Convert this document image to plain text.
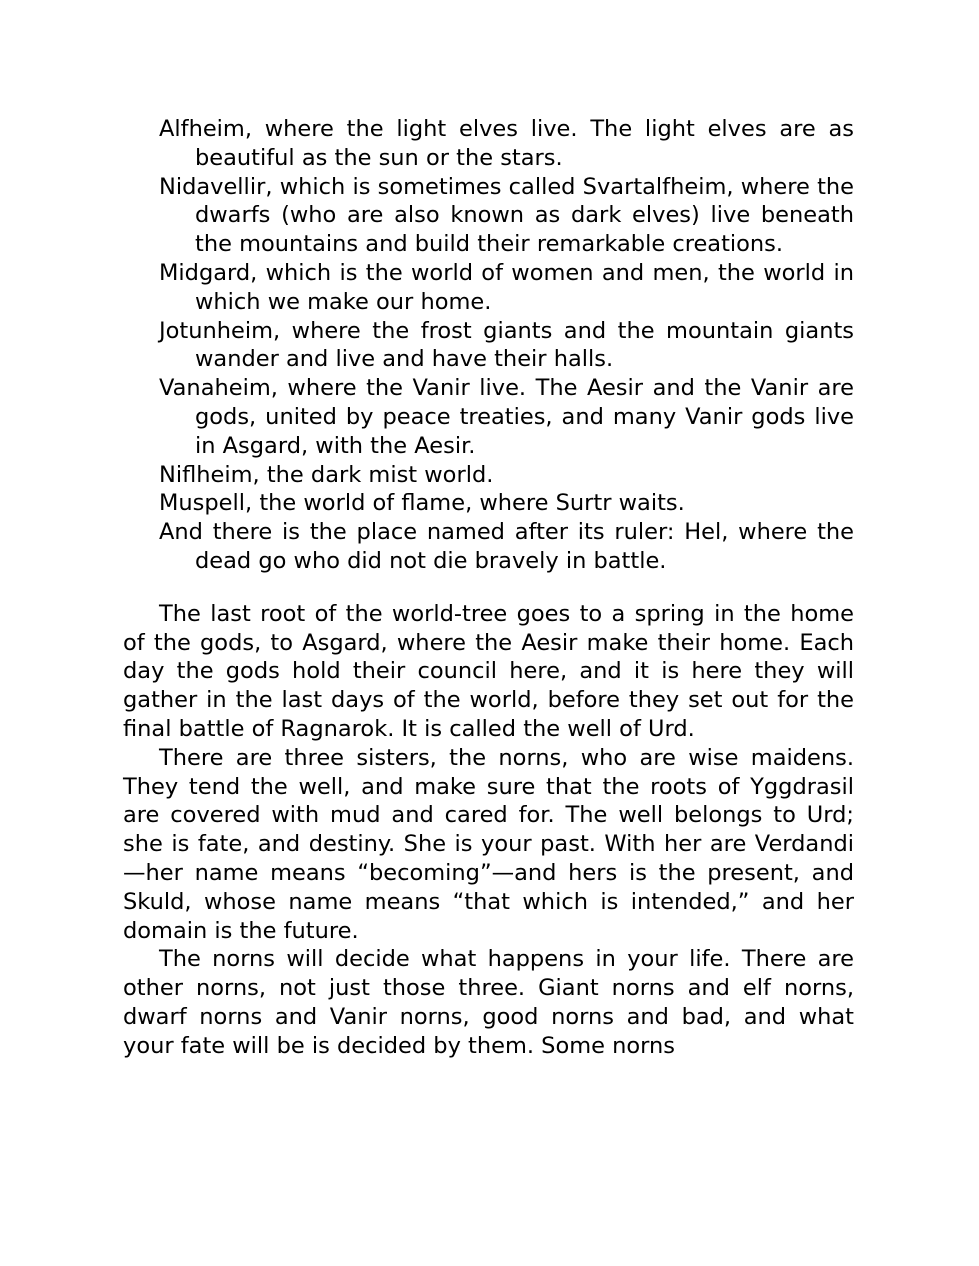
Alfheim, where the light elves live. The light elves are as beautiful as the sun or the stars.

Nidavellir, which is sometimes called Svartalfheim, where the dwarfs (who are also known as dark elves) live beneath the mountains and build their remarkable creations.

Midgard, which is the world of women and men, the world in which we make our home.

Jotunheim, where the frost giants and the mountain giants wander and live and have their halls.

Vanaheim, where the Vanir live. The Aesir and the Vanir are gods, united by peace treaties, and many Vanir gods live in Asgard, with the Aesir.

Niflheim, the dark mist world.

Muspell, the world of flame, where Surtr waits.

And there is the place named after its ruler: Hel, where the dead go who did not die bravely in battle.

The last root of the world-tree goes to a spring in the home of the gods, to Asgard, where the Aesir make their home. Each day the gods hold their council here, and it is here they will gather in the last days of the world, before they set out for the final battle of Ragnarok. It is called the well of Urd.

There are three sisters, the norns, who are wise maidens. They tend the well, and make sure that the roots of Yggdrasil are covered with mud and cared for. The well belongs to Urd; she is fate, and destiny. She is your past. With her are Verdandi—her name means “becoming”—and hers is the present, and Skuld, whose name means “that which is intended,” and her domain is the future.

The norns will decide what happens in your life. There are other norns, not just those three. Giant norns and elf norns, dwarf norns and Vanir norns, good norns and bad, and what your fate will be is decided by them. Some norns
